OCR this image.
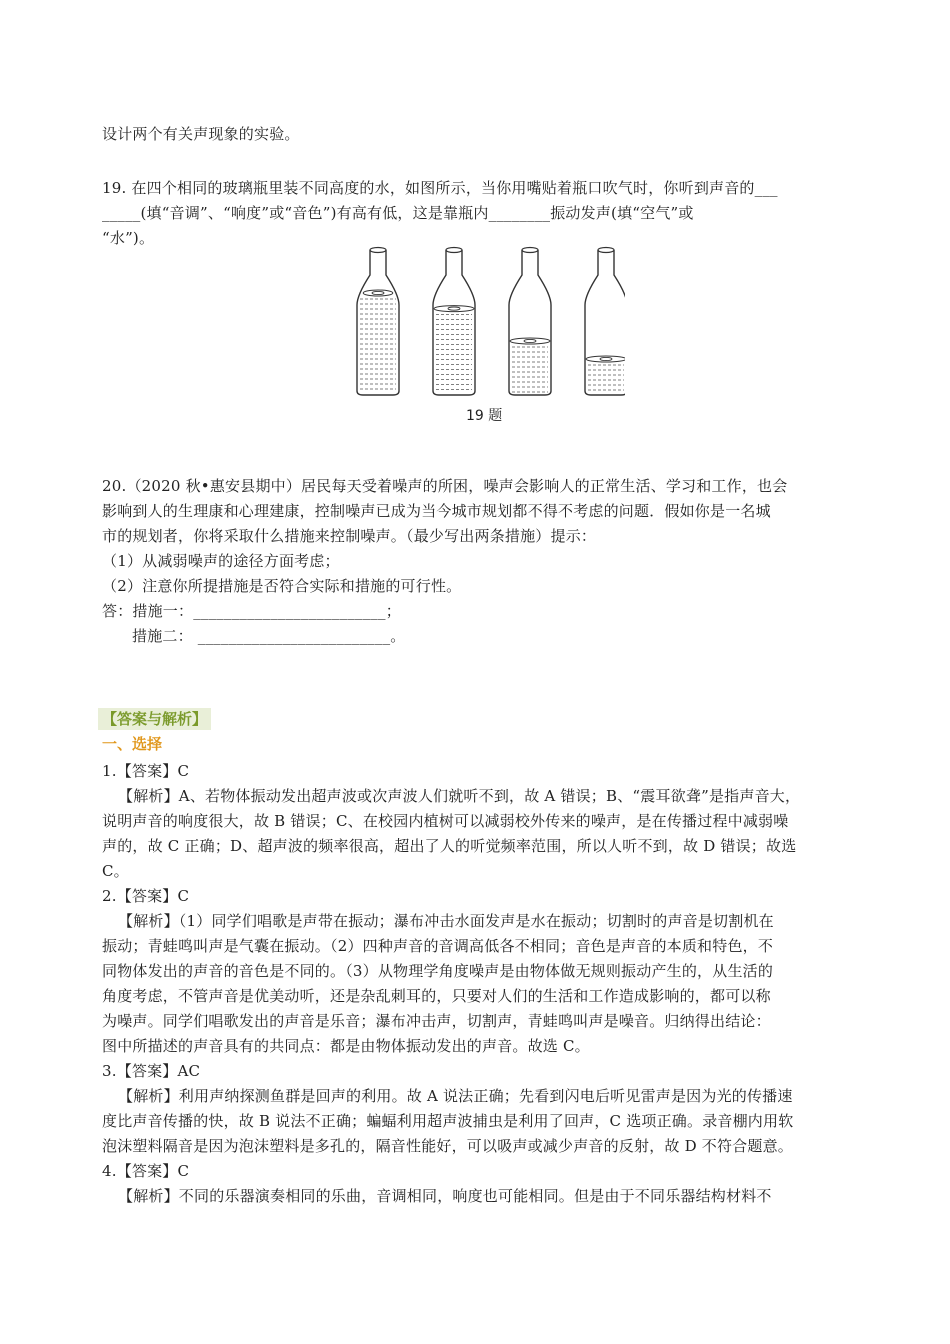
设计两个有关声现象的实验。
19. 在四个相同的玻璃瓶里装不同高度的水，如图所示，当你用嘴贴着瓶口吹气时，你听到声音的___
_____(填“音调”、“响度”或“音色”)有高有低，这是靠瓶内________振动发声(填“空气”或
“水”)。
19 题
20.（2020 秋•惠安县期中）居民每天受着噪声的所困，噪声会影响人的正常生活、学习和工作，也会
影响到人的生理康和心理建康，控制噪声已成为当今城市规划都不得不考虑的问题．假如你是一名城
市的规划者，你将采取什么措施来控制噪声。（最少写出两条措施）提示：
（1）从减弱噪声的途径方面考虑；
（2）注意你所提措施是否符合实际和措施的可行性。
答：措施一：_________________________；
措施二： _________________________。
【答案与解析】
一、选择
1.【答案】C
【解析】A、若物体振动发出超声波或次声波人们就听不到，故 A 错误；B、“震耳欲聋”是指声音大，
说明声音的响度很大，故 B 错误；C、在校园内植树可以减弱校外传来的噪声，是在传播过程中减弱噪
声的，故 C 正确；D、超声波的频率很高，超出了人的听觉频率范围，所以人听不到，故 D 错误；故选
C。
2.【答案】C
【解析】（1）同学们唱歌是声带在振动；瀑布冲击水面发声是水在振动；切割时的声音是切割机在
振动；青蛙鸣叫声是气囊在振动。（2）四种声音的音调高低各不相同；音色是声音的本质和特色，不
同物体发出的声音的音色是不同的。（3）从物理学角度噪声是由物体做无规则振动产生的，从生活的
角度考虑，不管声音是优美动听，还是杂乱刺耳的，只要对人们的生活和工作造成影响的，都可以称
为噪声。同学们唱歌发出的声音是乐音；瀑布冲击声，切割声，青蛙鸣叫声是噪音。归纳得出结论：
图中所描述的声音具有的共同点：都是由物体振动发出的声音。故选 C。
3.【答案】AC
【解析】利用声纳探测鱼群是回声的利用。故 A 说法正确；先看到闪电后听见雷声是因为光的传播速
度比声音传播的快，故 B 说法不正确；蝙蝠利用超声波捕虫是利用了回声，C 选项正确。录音棚内用软
泡沫塑料隔音是因为泡沫塑料是多孔的，隔音性能好，可以吸声或减少声音的反射，故 D 不符合题意。
4.【答案】C
【解析】不同的乐器演奏相同的乐曲，音调相同，响度也可能相同。但是由于不同乐器结构材料不
